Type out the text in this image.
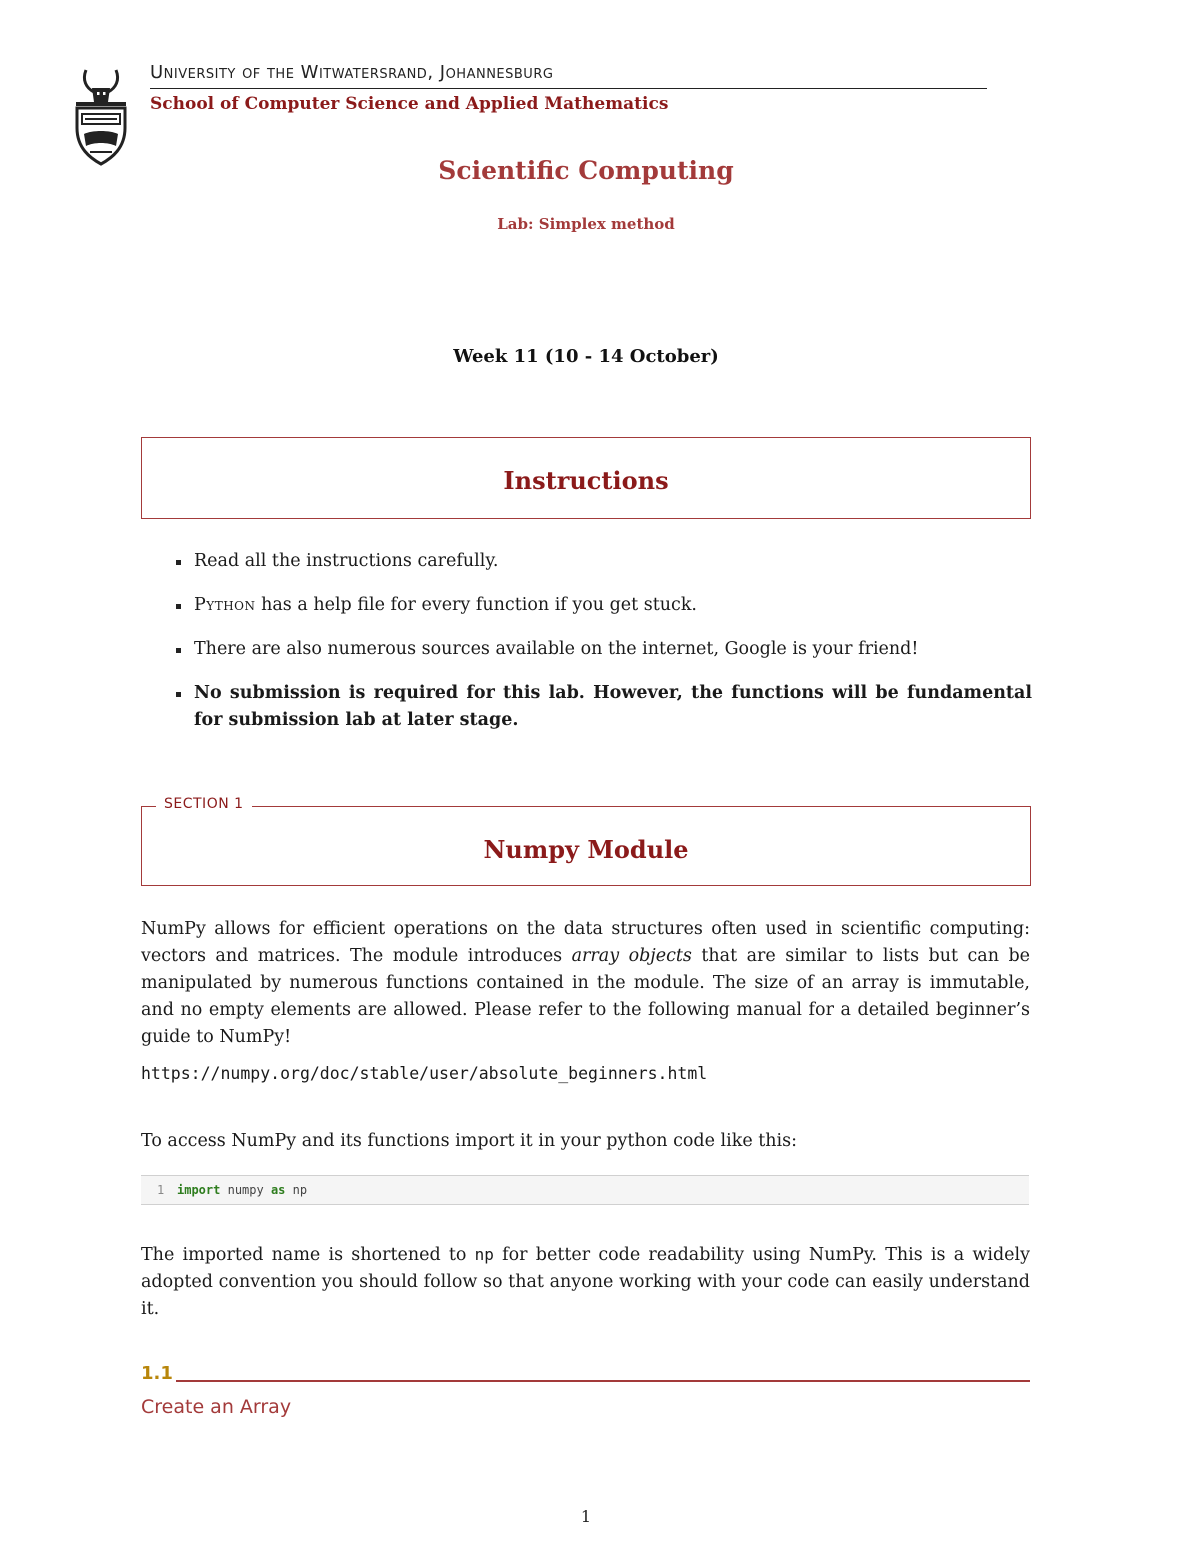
University of the Witwatersrand, Johannesburg
School of Computer Science and Applied Mathematics
Scientific Computing
Lab: Simplex method
Week 11 (10 - 14 October)
Instructions
Read all the instructions carefully.
Python has a help file for every function if you get stuck.
There are also numerous sources available on the internet, Google is your friend!
No submission is required for this lab. However, the functions will be fundamental for submission lab at later stage.
SECTION 1
Numpy Module
NumPy allows for efficient operations on the data structures often used in scientific computing: vectors and matrices. The module introduces array objects that are similar to lists but can be manipulated by numerous functions contained in the module. The size of an array is immutable, and no empty elements are allowed. Please refer to the following manual for a detailed beginner’s guide to NumPy!
https://numpy.org/doc/stable/user/absolute_beginners.html
To access NumPy and its functions import it in your python code like this:
1 import numpy as np
The imported name is shortened to np for better code readability using NumPy. This is a widely adopted convention you should follow so that anyone working with your code can easily understand it.
1.1
Create an Array
1
